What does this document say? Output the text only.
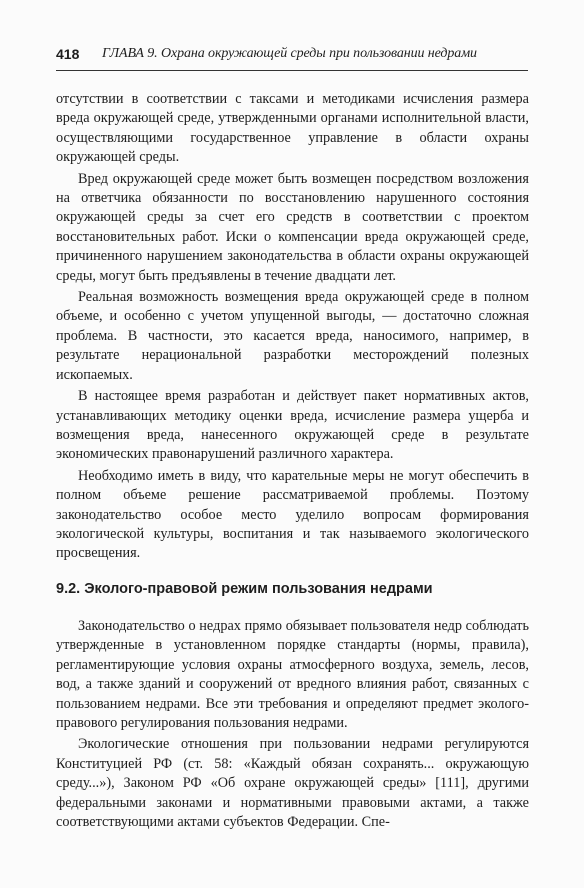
418 ГЛАВА 9. Охрана окружающей среды при пользовании недрами

отсутствии в соответствии с таксами и методиками исчисления размера вреда окружающей среде, утвержденными органами исполнительной власти, осуществляющими государственное управление в области охраны окружающей среды.

Вред окружающей среде может быть возмещен посредством возложения на ответчика обязанности по восстановлению нарушенного состояния окружающей среды за счет его средств в соответствии с проектом восстановительных работ. Иски о компенсации вреда окружающей среде, причиненного нарушением законодательства в области охраны окружающей среды, могут быть предъявлены в течение двадцати лет.

Реальная возможность возмещения вреда окружающей среде в полном объеме, и особенно с учетом упущенной выгоды, — достаточно сложная проблема. В частности, это касается вреда, наносимого, например, в результате нерациональной разработки месторождений полезных ископаемых.

В настоящее время разработан и действует пакет нормативных актов, устанавливающих методику оценки вреда, исчисление размера ущерба и возмещения вреда, нанесенного окружающей среде в результате экономических правонарушений различного характера.

Необходимо иметь в виду, что карательные меры не могут обеспечить в полном объеме решение рассматриваемой проблемы. Поэтому законодательство особое место уделило вопросам формирования экологической культуры, воспитания и так называемого экологического просвещения.

9.2. Эколого-правовой режим пользования недрами

Законодательство о недрах прямо обязывает пользователя недр соблюдать утвержденные в установленном порядке стандарты (нормы, правила), регламентирующие условия охраны атмосферного воздуха, земель, лесов, вод, а также зданий и сооружений от вредного влияния работ, связанных с пользованием недрами. Все эти требования и определяют предмет эколого-правового регулирования пользования недрами.

Экологические отношения при пользовании недрами регулируются Конституцией РФ (ст. 58: «Каждый обязан сохранять... окружающую среду...»), Законом РФ «Об охране окружающей среды» [111], другими федеральными законами и нормативными правовыми актами, а также соответствующими актами субъектов Федерации. Спе-
